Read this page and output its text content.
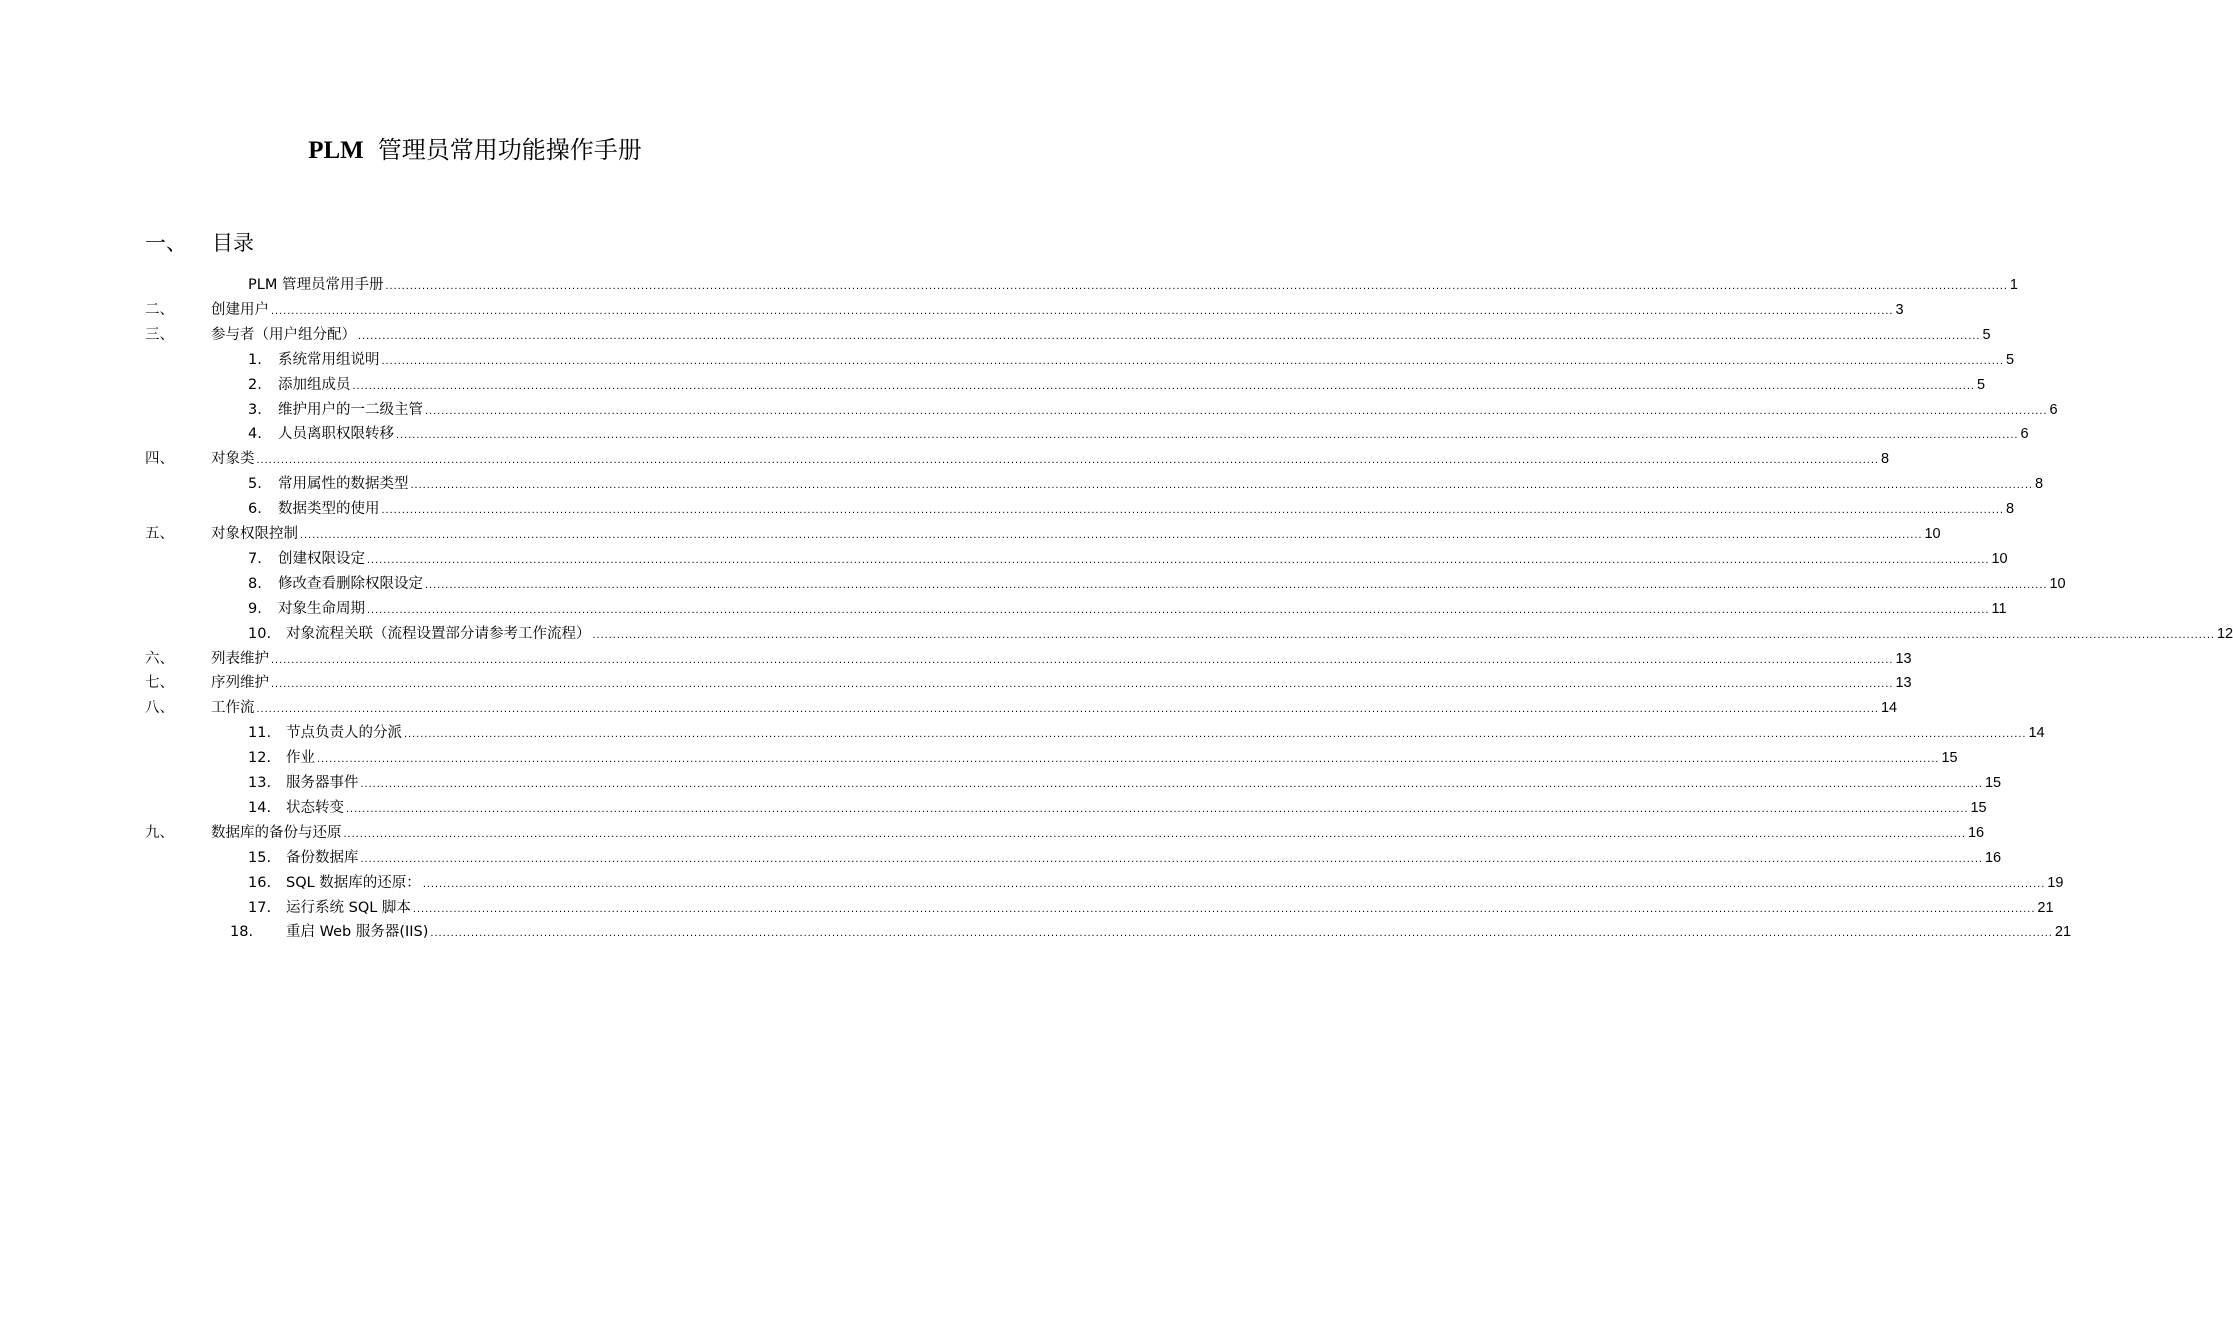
PLM 管理员常用功能操作手册
一、 目录
PLM 管理员常用手册 ................................................................................................................................................................................................................................................................................................................................................................................................................ 1
二、	创建用户 ................................................................................................................................................................................................................................................................................................................................................................................................................ 3
三、	参与者（用户组分配） ................................................................................................................................................................................................................................................................................................................................................................................................................ 5
1. 系统常用组说明 ................................................................................................................................................................................................................................................................................................................................................................................................................ 5
2. 添加组成员 ................................................................................................................................................................................................................................................................................................................................................................................................................ 5
3. 维护用户的一二级主管 ................................................................................................................................................................................................................................................................................................................................................................................................................ 6
4. 人员离职权限转移 ................................................................................................................................................................................................................................................................................................................................................................................................................ 6
四、	对象类 ................................................................................................................................................................................................................................................................................................................................................................................................................ 8
5. 常用属性的数据类型 ................................................................................................................................................................................................................................................................................................................................................................................................................ 8
6. 数据类型的使用 ................................................................................................................................................................................................................................................................................................................................................................................................................ 8
五、	对象权限控制 ................................................................................................................................................................................................................................................................................................................................................................................................................ 10
7. 创建权限设定 ................................................................................................................................................................................................................................................................................................................................................................................................................ 10
8. 修改查看删除权限设定 ................................................................................................................................................................................................................................................................................................................................................................................................................ 10
9. 对象生命周期 ................................................................................................................................................................................................................................................................................................................................................................................................................ 11
10. 对象流程关联（流程设置部分请参考工作流程） ................................................................................................................................................................................................................................................................................................................................................................................................................ 12
六、	列表维护 ................................................................................................................................................................................................................................................................................................................................................................................................................ 13
七、	序列维护 ................................................................................................................................................................................................................................................................................................................................................................................................................ 13
八、	工作流 ................................................................................................................................................................................................................................................................................................................................................................................................................ 14
11. 节点负责人的分派 ................................................................................................................................................................................................................................................................................................................................................................................................................ 14
12. 作业 ................................................................................................................................................................................................................................................................................................................................................................................................................ 15
13. 服务器事件 ................................................................................................................................................................................................................................................................................................................................................................................................................ 15
14. 状态转变 ................................................................................................................................................................................................................................................................................................................................................................................................................ 15
九、	数据库的备份与还原 ................................................................................................................................................................................................................................................................................................................................................................................................................ 16
15. 备份数据库 ................................................................................................................................................................................................................................................................................................................................................................................................................ 16
16. SQL 数据库的还原： ................................................................................................................................................................................................................................................................................................................................................................................................................ 19
17. 运行系统 SQL 脚本 ................................................................................................................................................................................................................................................................................................................................................................................................................ 21
18. 重启 Web 服务器(IIS) ................................................................................................................................................................................................................................................................................................................................................................................................................ 21
